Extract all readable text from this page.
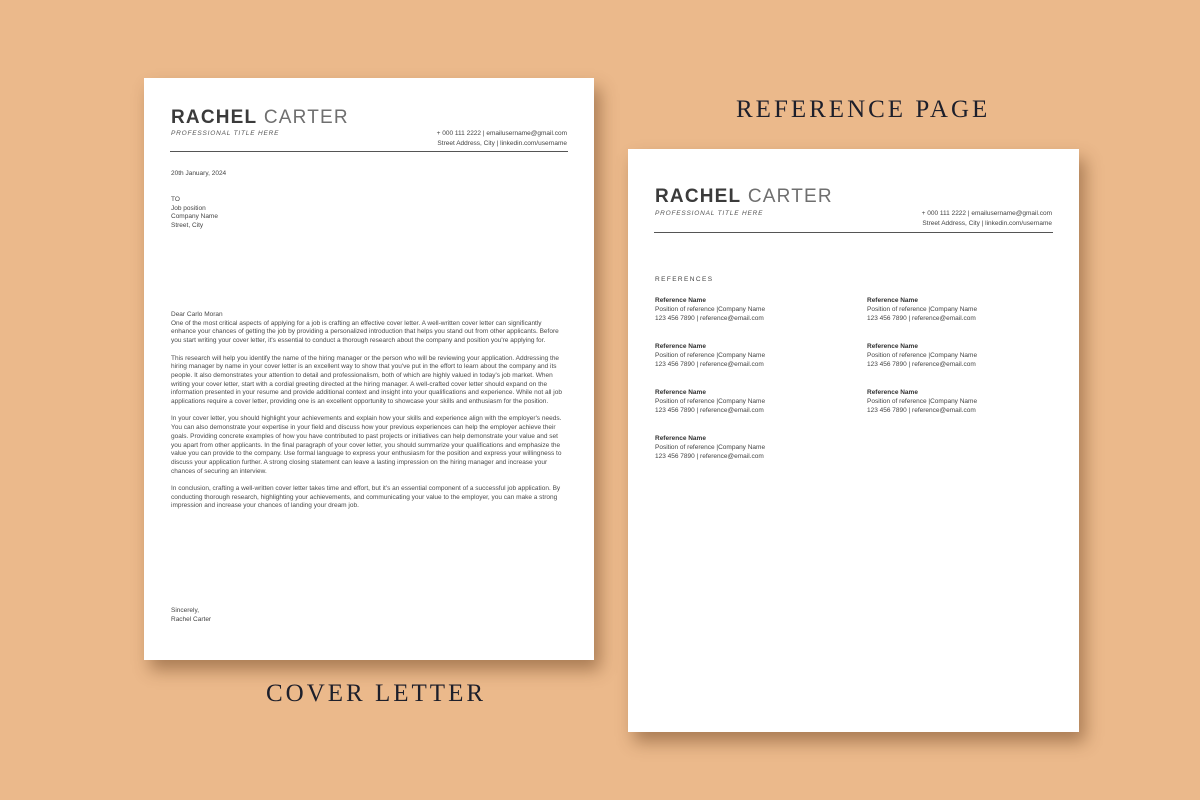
REFERENCE PAGE
COVER LETTER
RACHEL CARTER
PROFESSIONAL TITLE HERE	+ 000 111 2222 | emailusername@gmail.com
Street Address, City | linkedin.com/username
20th January, 2024
TO
Job position
Company Name
Street, City
Dear Carlo Moran

One of the most critical aspects of applying for a job is crafting an effective cover letter. A well-written cover letter can significantly enhance your chances of getting the job by providing a personalized introduction that helps you stand out from other applicants. Before you start writing your cover letter, it's essential to conduct a thorough research about the company and position you're applying for.

This research will help you identify the name of the hiring manager or the person who will be reviewing your application. Addressing the hiring manager by name in your cover letter is an excellent way to show that you've put in the effort to learn about the company and its people. It also demonstrates your attention to detail and professionalism, both of which are highly valued in today's job market. When writing your cover letter, start with a cordial greeting directed at the hiring manager. A well-crafted cover letter should expand on the information presented in your resume and provide additional context and insight into your qualifications and experience. While not all job applications require a cover letter, providing one is an excellent opportunity to showcase your skills and enthusiasm for the position.

In your cover letter, you should highlight your achievements and explain how your skills and experience align with the employer's needs. You can also demonstrate your expertise in your field and discuss how your previous experiences can help the employer achieve their goals. Providing concrete examples of how you have contributed to past projects or initiatives can help demonstrate your value and set you apart from other applicants. In the final paragraph of your cover letter, you should summarize your qualifications and emphasize the value you can provide to the company. Use formal language to express your enthusiasm for the position and express your willingness to discuss your application further. A strong closing statement can leave a lasting impression on the hiring manager and increase your chances of securing an interview.

In conclusion, crafting a well-written cover letter takes time and effort, but it's an essential component of a successful job application. By conducting thorough research, highlighting your achievements, and communicating your value to the employer, you can make a strong impression and increase your chances of landing your dream job.

Sincerely,
Rachel Carter
RACHEL CARTER
PROFESSIONAL TITLE HERE	+ 000 111 2222 | emailusername@gmail.com
Street Address, City | linkedin.com/username
REFERENCES
Reference Name
Position of reference |Company Name
123 456 7890 | reference@email.com
Reference Name
Position of reference |Company Name
123 456 7890 | reference@email.com
Reference Name
Position of reference |Company Name
123 456 7890 | reference@email.com
Reference Name
Position of reference |Company Name
123 456 7890 | reference@email.com
Reference Name
Position of reference |Company Name
123 456 7890 | reference@email.com
Reference Name
Position of reference |Company Name
123 456 7890 | reference@email.com
Reference Name
Position of reference |Company Name
123 456 7890 | reference@email.com
